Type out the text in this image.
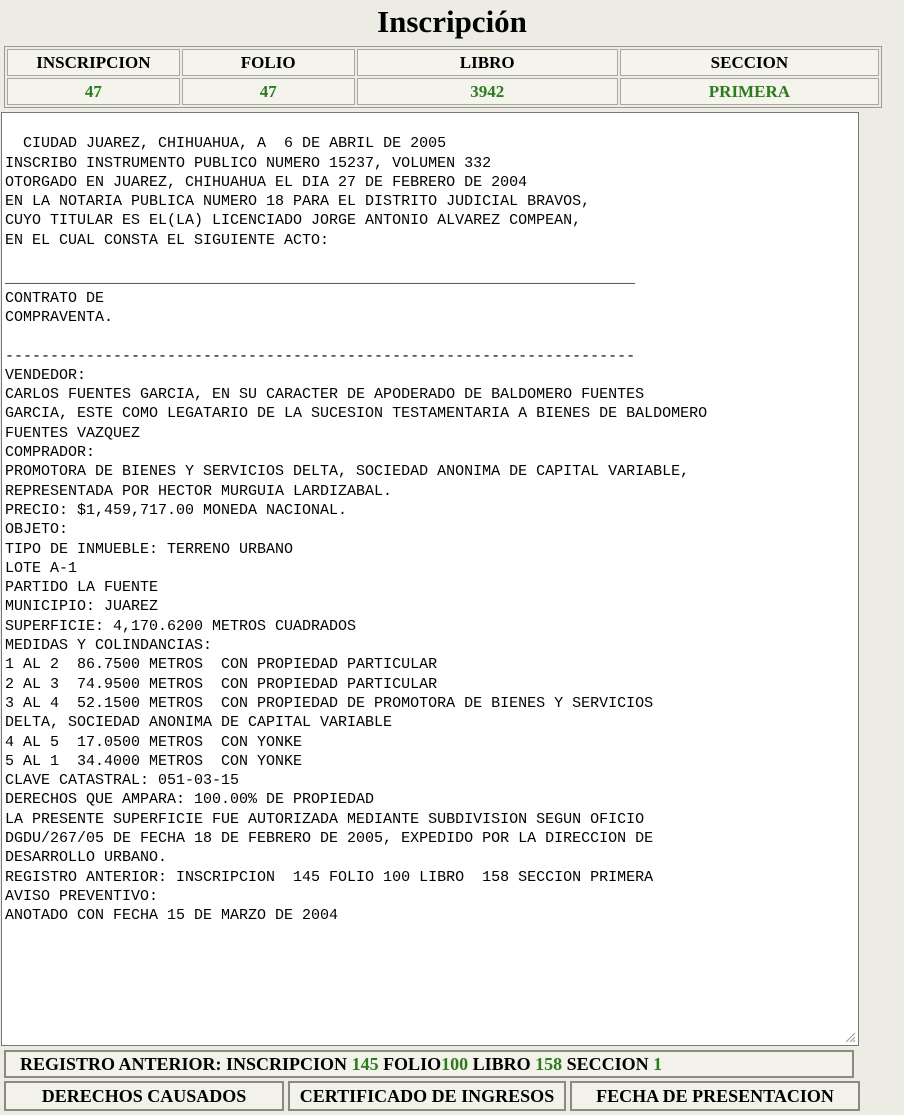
Inscripción
INSCRIPCION	FOLIO	LIBRO	SECCION
47	47	3942	PRIMERA

CIUDAD JUAREZ, CHIHUAHUA, A  6 DE ABRIL DE 2005
INSCRIBO INSTRUMENTO PUBLICO NUMERO 15237, VOLUMEN 332
OTORGADO EN JUAREZ, CHIHUAHUA EL DIA 27 DE FEBRERO DE 2004
EN LA NOTARIA PUBLICA NUMERO 18 PARA EL DISTRITO JUDICIAL BRAVOS,
CUYO TITULAR ES EL(LA) LICENCIADO JORGE ANTONIO ALVAREZ COMPEAN,
EN EL CUAL CONSTA EL SIGUIENTE ACTO:

______________________________________________________________________
CONTRATO DE
COMPRAVENTA.

----------------------------------------------------------------------
VENDEDOR:
CARLOS FUENTES GARCIA, EN SU CARACTER DE APODERADO DE BALDOMERO FUENTES
GARCIA, ESTE COMO LEGATARIO DE LA SUCESION TESTAMENTARIA A BIENES DE BALDOMERO
FUENTES VAZQUEZ
COMPRADOR:
PROMOTORA DE BIENES Y SERVICIOS DELTA, SOCIEDAD ANONIMA DE CAPITAL VARIABLE,
REPRESENTADA POR HECTOR MURGUIA LARDIZABAL.
PRECIO: $1,459,717.00 MONEDA NACIONAL.
OBJETO:
TIPO DE INMUEBLE: TERRENO URBANO
LOTE A-1
PARTIDO LA FUENTE
MUNICIPIO: JUAREZ
SUPERFICIE: 4,170.6200 METROS CUADRADOS
MEDIDAS Y COLINDANCIAS:
1 AL 2  86.7500 METROS  CON PROPIEDAD PARTICULAR
2 AL 3  74.9500 METROS  CON PROPIEDAD PARTICULAR
3 AL 4  52.1500 METROS  CON PROPIEDAD DE PROMOTORA DE BIENES Y SERVICIOS
DELTA, SOCIEDAD ANONIMA DE CAPITAL VARIABLE
4 AL 5  17.0500 METROS  CON YONKE
5 AL 1  34.4000 METROS  CON YONKE
CLAVE CATASTRAL: 051-03-15
DERECHOS QUE AMPARA: 100.00% DE PROPIEDAD
LA PRESENTE SUPERFICIE FUE AUTORIZADA MEDIANTE SUBDIVISION SEGUN OFICIO
DGDU/267/05 DE FECHA 18 DE FEBRERO DE 2005, EXPEDIDO POR LA DIRECCION DE
DESARROLLO URBANO.
REGISTRO ANTERIOR: INSCRIPCION  145 FOLIO 100 LIBRO  158 SECCION PRIMERA
AVISO PREVENTIVO:
ANOTADO CON FECHA 15 DE MARZO DE 2004

REGISTRO ANTERIOR: INSCRIPCION 145 FOLIO100 LIBRO 158 SECCION 1
DERECHOS CAUSADOS	CERTIFICADO DE INGRESOS	FECHA DE PRESENTACION
